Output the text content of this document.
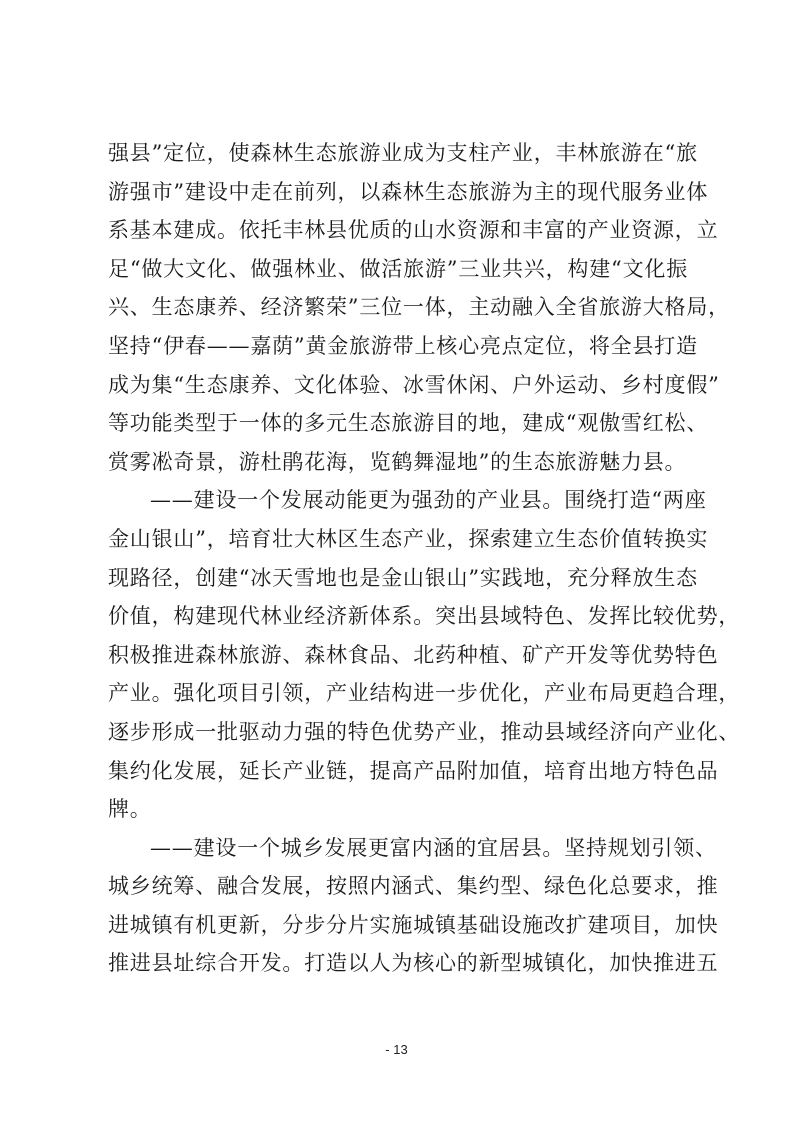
强县”定位，使森林生态旅游业成为支柱产业，丰林旅游在“旅
游强市”建设中走在前列，以森林生态旅游为主的现代服务业体
系基本建成。依托丰林县优质的山水资源和丰富的产业资源，立
足“做大文化、做强林业、做活旅游”三业共兴，构建“文化振
兴、生态康养、经济繁荣”三位一体，主动融入全省旅游大格局，
坚持“伊春——嘉荫”黄金旅游带上核心亮点定位，将全县打造
成为集“生态康养、文化体验、冰雪休闲、户外运动、乡村度假”
等功能类型于一体的多元生态旅游目的地，建成“观傲雪红松、
赏雾凇奇景，游杜鹃花海，览鹤舞湿地”的生态旅游魅力县。
——建设一个发展动能更为强劲的产业县。围绕打造“两座
金山银山”，培育壮大林区生态产业，探索建立生态价值转换实
现路径，创建“冰天雪地也是金山银山”实践地，充分释放生态
价值，构建现代林业经济新体系。突出县域特色、发挥比较优势，
积极推进森林旅游、森林食品、北药种植、矿产开发等优势特色
产业。强化项目引领，产业结构进一步优化，产业布局更趋合理，
逐步形成一批驱动力强的特色优势产业，推动县域经济向产业化、
集约化发展，延长产业链，提高产品附加值，培育出地方特色品
牌。
——建设一个城乡发展更富内涵的宜居县。坚持规划引领、
城乡统筹、融合发展，按照内涵式、集约型、绿色化总要求，推
进城镇有机更新，分步分片实施城镇基础设施改扩建项目，加快
推进县址综合开发。打造以人为核心的新型城镇化，加快推进五
- 13
